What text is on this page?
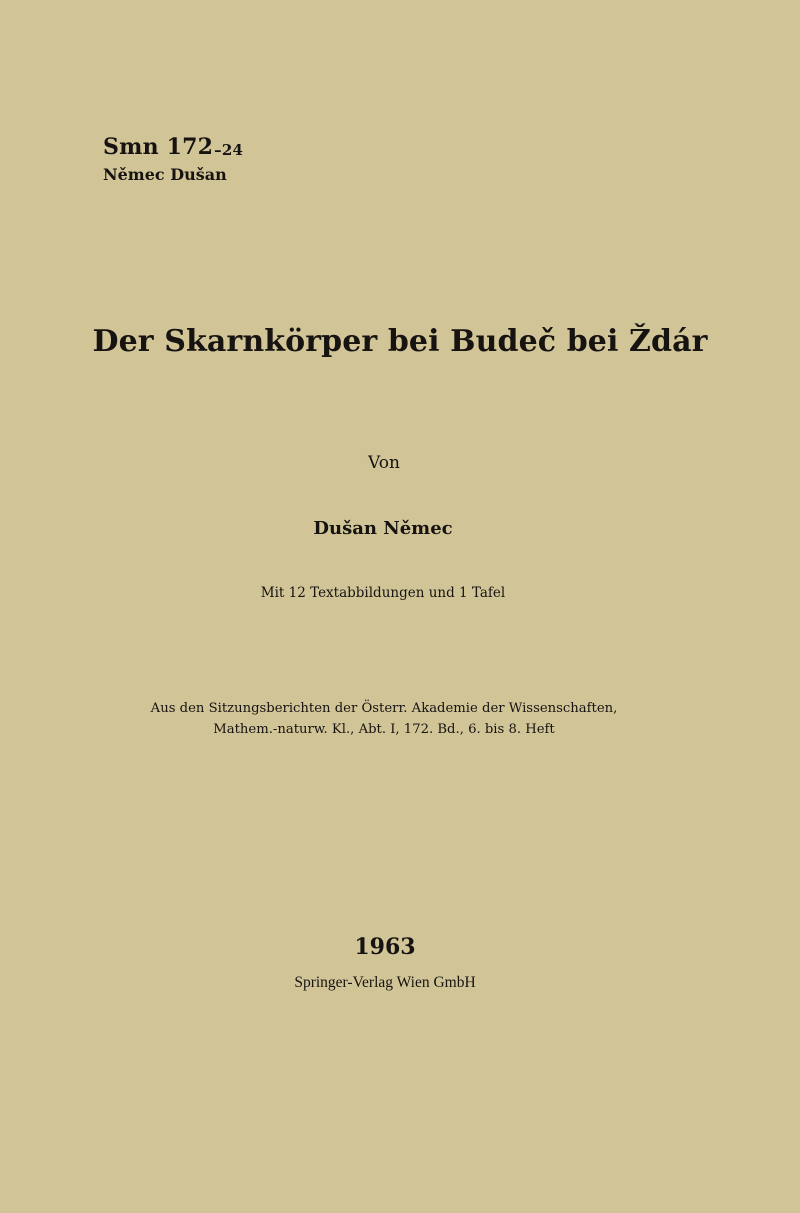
Smn 172–24
Němec Dušan
Der Skarnkörper bei Budeč bei Ždár
Von
Dušan Němec
Mit 12 Textabbildungen und 1 Tafel
Aus den Sitzungsberichten der Österr. Akademie der Wissenschaften,
Mathem.-naturw. Kl., Abt. I, 172. Bd., 6. bis 8. Heft
1963
Springer-Verlag Wien GmbH
